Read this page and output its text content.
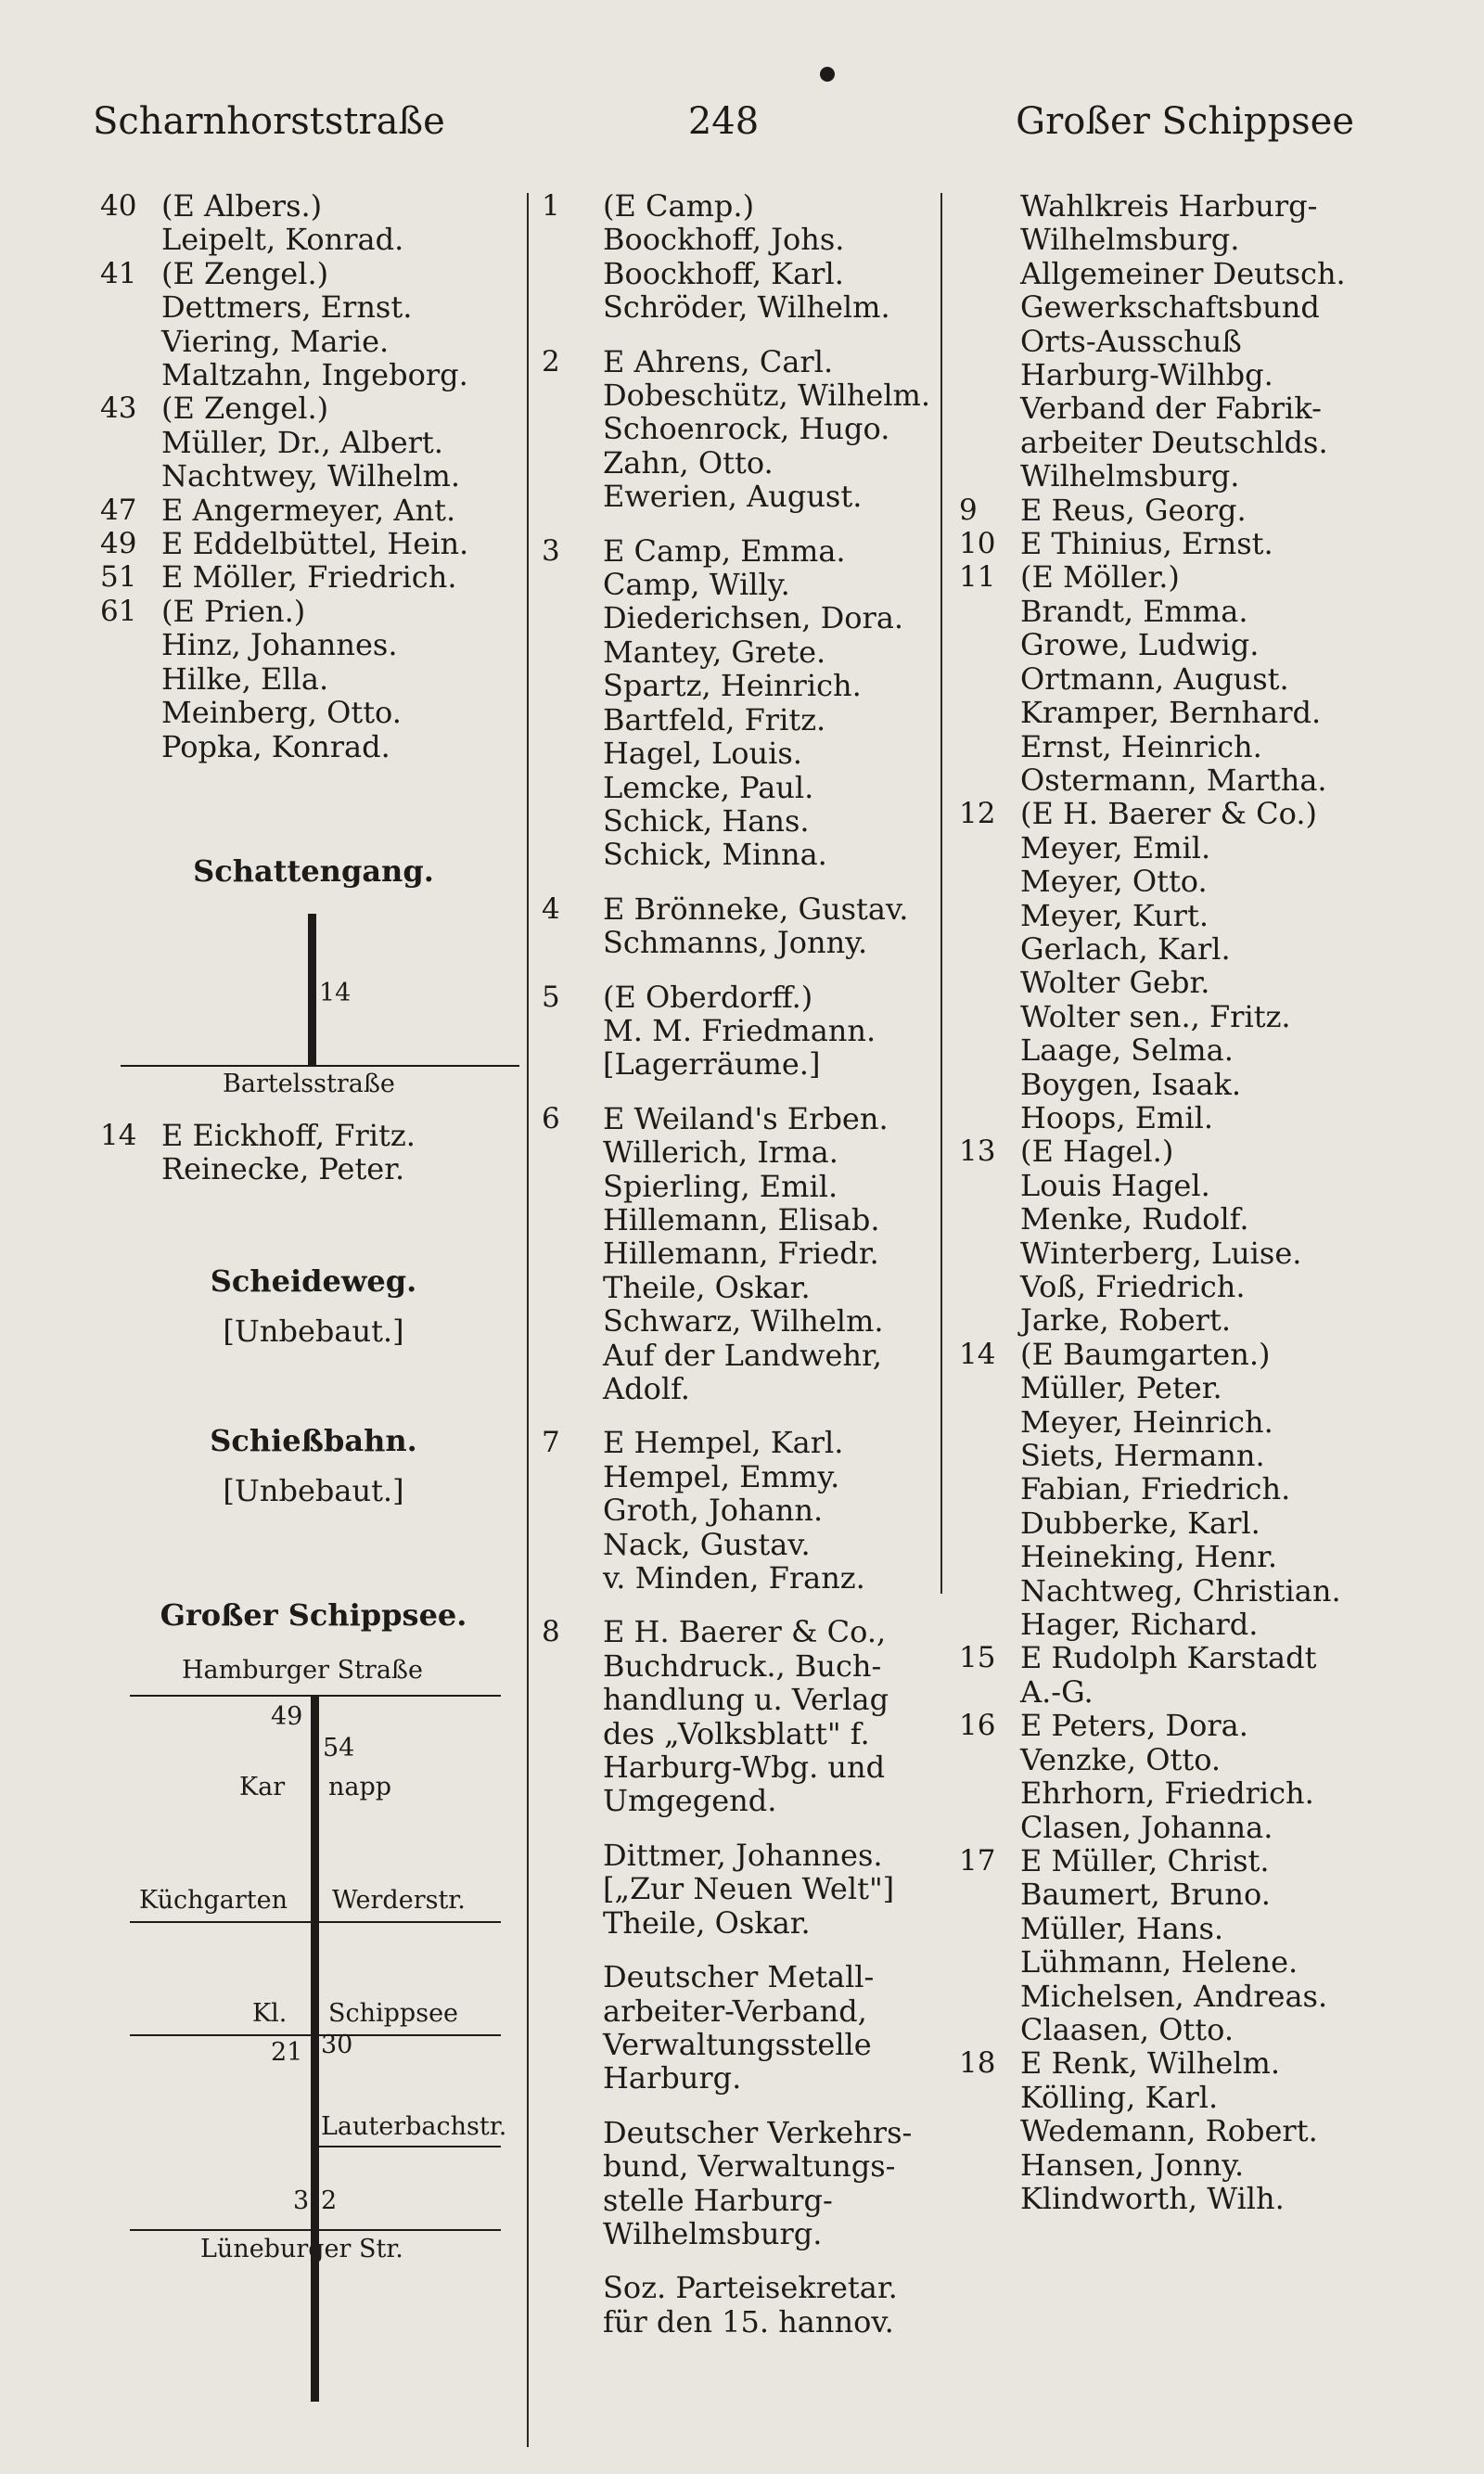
Scharnhorststraße	248	Großer Schippsee
40 (E Albers.)
Leipelt, Konrad.
41 (E Zengel.)
Dettmers, Ernst.
Viering, Marie.
Maltzahn, Ingeborg.
43 (E Zengel.)
Müller, Dr., Albert.
Nachtwey, Wilhelm.
47 E Angermeyer, Ant.
49 E Eddelbüttel, Hein.
51 E Möller, Friedrich.
61 (E Prien.)
Hinz, Johannes.
Hilke, Ella.
Meinberg, Otto.
Popka, Konrad.
Schattengang.
14
Bartelsstraße
14 E Eickhoff, Fritz.
Reinecke, Peter.
Scheideweg.
[Unbebaut.]
Schießbahn.
[Unbebaut.]
Großer Schippsee.
Hamburger Straße
49
54
Kar napp
Küchgarten Werderstr.
Kl. Schippsee
21 30
Lauterbachstr.
3 2
Lüneburger Str.
1	(E Camp.)
Boockhoff, Johs.
Boockhoff, Karl.
Schröder, Wilhelm.
2	E Ahrens, Carl.
Dobeschütz, Wilhelm.
Schoenrock, Hugo.
Zahn, Otto.
Ewerien, August.
3	E Camp, Emma.
Camp, Willy.
Diederichsen, Dora.
Mantey, Grete.
Spartz, Heinrich.
Bartfeld, Fritz.
Hagel, Louis.
Lemcke, Paul.
Schick, Hans.
Schick, Minna.
4	E Brönneke, Gustav.
Schmanns, Jonny.
5	(E Oberdorff.)
M. M. Friedmann.
[Lagerräume.]
6	E Weiland's Erben.
Willerich, Irma.
Spierling, Emil.
Hillemann, Elisab.
Hillemann, Friedr.
Theile, Oskar.
Schwarz, Wilhelm.
Auf der Landwehr,
Adolf.
7	E Hempel, Karl.
Hempel, Emmy.
Groth, Johann.
Nack, Gustav.
v. Minden, Franz.
8	E H. Baerer & Co.,
Buchdruck., Buch-
handlung u. Verlag
des „Volksblatt" f.
Harburg-Wbg. und
Umgegend.
Dittmer, Johannes.
[„Zur Neuen Welt"]
Theile, Oskar.
Deutscher Metall-
arbeiter-Verband,
Verwaltungsstelle
Harburg.
Deutscher Verkehrs-
bund, Verwaltungs-
stelle Harburg-
Wilhelmsburg.
Soz. Parteisekretar.
für den 15. hannov.
Wahlkreis Harburg-
Wilhelmsburg.
Allgemeiner Deutsch.
Gewerkschaftsbund
Orts-Ausschuß
Harburg-Wilhbg.
Verband der Fabrik-
arbeiter Deutschlds.
Wilhelmsburg.
9	E Reus, Georg.
10 E Thinius, Ernst.
11 (E Möller.)
Brandt, Emma.
Growe, Ludwig.
Ortmann, August.
Kramper, Bernhard.
Ernst, Heinrich.
Ostermann, Martha.
12 (E H. Baerer & Co.)
Meyer, Emil.
Meyer, Otto.
Meyer, Kurt.
Gerlach, Karl.
Wolter Gebr.
Wolter sen., Fritz.
Laage, Selma.
Boygen, Isaak.
Hoops, Emil.
13 (E Hagel.)
Louis Hagel.
Menke, Rudolf.
Winterberg, Luise.
Voß, Friedrich.
Jarke, Robert.
14 (E Baumgarten.)
Müller, Peter.
Meyer, Heinrich.
Siets, Hermann.
Fabian, Friedrich.
Dubberke, Karl.
Heineking, Henr.
Nachtweg, Christian.
Hager, Richard.
15 E Rudolph Karstadt
A.-G.
16 E Peters, Dora.
Venzke, Otto.
Ehrhorn, Friedrich.
Clasen, Johanna.
17 E Müller, Christ.
Baumert, Bruno.
Müller, Hans.
Lühmann, Helene.
Michelsen, Andreas.
Claasen, Otto.
18 E Renk, Wilhelm.
Kölling, Karl.
Wedemann, Robert.
Hansen, Jonny.
Klindworth, Wilh.
